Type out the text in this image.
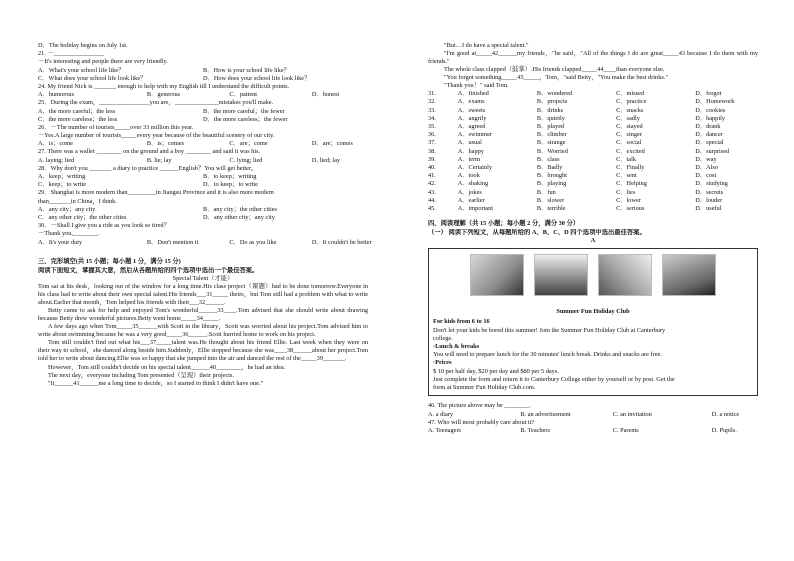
D．The holiday begins on July 1st.
21. －________________
－It's interesting and people there are very friendly.
A．What's your school life like？	B．How is your school life like？
C．What does your school life look like？	D．How does your school life look like？
24. My friend Nick is _______ enough to help with my English till I understand the difficult points.
A．humorous	B．generous	C．patient	D．honest
25．During the exam，________________you are，______________mistakes you'll make.
A．the more careful；the less	B．the more careful；the fewer
C．the more careless；the less	D．the more careless；the fewer
26．－The number of tourists_____over 33 million this year.
－Yes.A large number of tourists_____every year because of the beautiful scenery of our city.
A．is；come	B．is；comes	C．are；come	D．are；comes
27. There was a wallet ________ on the ground and a boy ________ and said it was his.
A. laying; lied	B. lie; lay	C. lying; lied	D. lied; lay
28．Why don't you _______ a diary to practice ______English？You will get better。
A．keep；writing	B．to keep；writing
C．keep；to write	D．to keep；to write
29．Shanghai is more modern than_________in Jiangsu Province and it is also more modern
than_______in China，I think.
A．any city；any city	B．any city；the other cities
C．any other city；the other cities	D．any other city；any city
30．－Shall I give you a ride as you look so tired？
－Thank you,________.
A．It's your duty	B．Don't mention it	C．Do as you like	D．It couldn't be better
三、完形填空(共 15 小题；每小题 1 分，满分 15 分)
阅读下面短文，掌握其大意，然后从各题所给的四个选项中选出一个最佳答案。
Special Talent（才能）

Tom sat at his desk，looking out of the window for a long time.His class project（课题）had to be done tomorrow.Everyone in his class had to write about their own special talent.His friends___31_____ theirs，but Tom still had a problem with what to write about.Earlier that month，Tom helped his friends with their___32______.

Betty came to ask for help and enjoyed Tom's wonderful______33____.Tom advised that she should write about drawing because Betty drew wonderful pictures.Betty went home_____34_____.

A few days ago when Tom_____35______with Scott in the library，Scott was worried about his project.Tom advised him to write about swimming because he was a very good_____36______.Scott hurried home to work on his project.

Tom still couldn't find out what his___37_____talent was.He thought about his friend Ellie. Last week when they were on their way to school，she danced along beside him.Suddenly，Ellie stopped because she was____38______about her project.Tom told her to write about dancing.Ellie was so happy that she jumped into the air and danced the rest of the_____39_______.

However，Tom still couldn't decide on his special talent______40________，he had an idea.

The next day，everyone including Tom presented（呈现）their projects.

"It______41______me a long time to decide，so I started to think I didn't have one."

"But…I do have a special talent."

"I'm good at_____42______my friends，"he said，"All of the things I do are great_____43 because I do them with my friends."

The whole class clapped（鼓掌）.His friends clapped_____44____than everyone else.

"You forgot something_____45_____，Tom，"said Betty，"You make the best drinks."

"Thank you！" said Tom.

31.	A．finished	B．wondered	C．missed	D．forgot
32.	A．exams	B．projects	C．practice	D．Homework
33.	A．sweets	B．drinks	C．snacks	D．cookies
34.	A．angrily	B．quietly	C．sadly	D．happily
35.	A．agreed	B．played	C．stayed	D．drank
36.	A．swimmer	B．climber	C．singer	D．dancer
37.	A．usual	B．strange	C．social	D．special
38.	A．happy	B．Worried	C．excited	D．surprised
39.	A．term	B．class	C．talk	D．way
40.	A．Certainly	B．Badly	C．Finally	D．Also
41.	A．took	B．brought	C．sent	D．cost
42.	A．shaking	B．playing	C．Helping	D．studying
43.	A．jokes	B．fun	C．lies	D．secrets
44.	A．earlier	B．slower	C．lower	D．louder
45.	A．important	B．terrible	C．serious	D．useful
四、阅读理解（共 15 小题；每小题 2 分，满分 30 分）
（一） 阅读下列短文，从每题所给的 A、B、C、D 四个选项中选出最佳答案。
A
Summer Fun Holiday Club
For kids from 6 to 16
Don't let your kids be bored this summer! Join the Summer Fun Holiday Club at Canterbury
college.
·Lunch & breaks
You will need to prepare lunch for the 30 minutes' lunch break. Drinks and snacks are free.
·Prices
$ 10 per half day, $20 per day and $80 per 5 days.
Just complete the form and return it to Canterbury College either by yourself or by post. Get the
form at Summer Fun Holiday Club.com.
46. The picture above may be ________.
A. a diary	B. an advertisement	C. an invitation	D. a notice
47. Who will most probably care about it?
A. Teenagers	B. Teachers	C. Parents	D. Pupils.
